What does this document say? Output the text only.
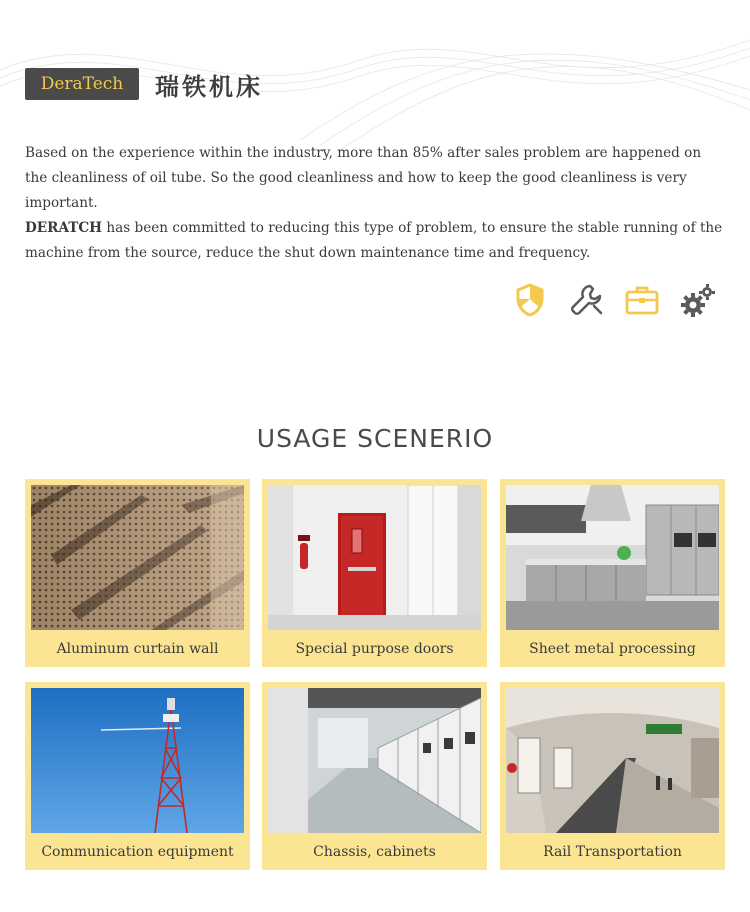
DeraTech 瑞铁机床

Based on the experience within the industry, more than 85% after sales problem are happened on the cleanliness of oil tube. So the good cleanliness and how to keep the good cleanliness is very important.

DERATCH has been committed to reducing this type of problem, to ensure the stable running of the machine from the source, reduce the shut down maintenance time and frequency.

USAGE SCENERIO
Aluminum curtain wall	Special purpose doors	Sheet metal processing
Communication equipment	Chassis, cabinets	Rail Transportation
